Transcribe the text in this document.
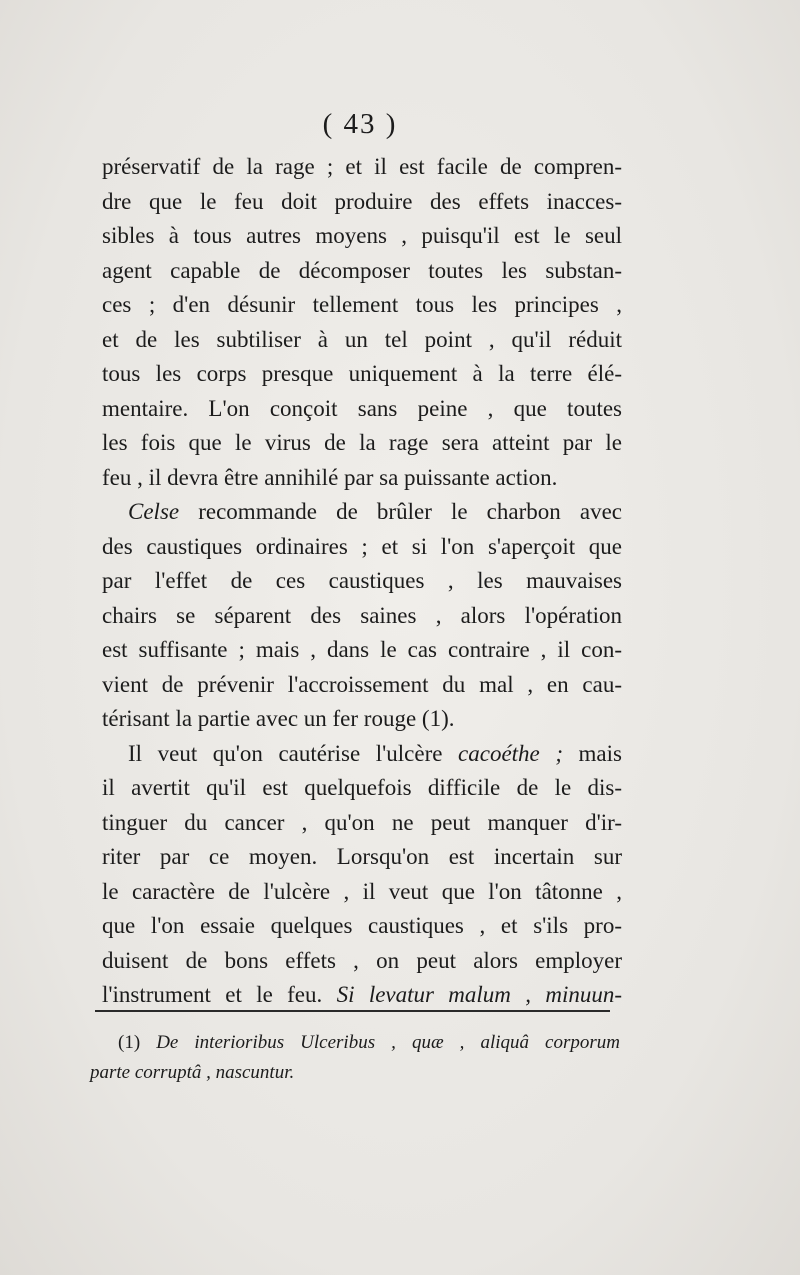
( 43 )
préservatif de la rage ; et il est facile de compren-
dre que le feu doit produire des effets inacces-
sibles à tous autres moyens , puisqu'il est le seul
agent capable de décomposer toutes les substan-
ces ; d'en désunir tellement tous les principes ,
et de les subtiliser à un tel point , qu'il réduit
tous les corps presque uniquement à la terre élé-
mentaire. L'on conçoit sans peine , que toutes
les fois que le virus de la rage sera atteint par le
feu , il devra être annihilé par sa puissante action.
Celse recommande de brûler le charbon avec
des caustiques ordinaires ; et si l'on s'aperçoit que
par l'effet de ces caustiques , les mauvaises
chairs se séparent des saines , alors l'opération
est suffisante ; mais , dans le cas contraire , il con-
vient de prévenir l'accroissement du mal , en cau-
térisant la partie avec un fer rouge (1).
Il veut qu'on cautérise l'ulcère cacoéthe ; mais
il avertit qu'il est quelquefois difficile de le dis-
tinguer du cancer , qu'on ne peut manquer d'ir-
riter par ce moyen. Lorsqu'on est incertain sur
le caractère de l'ulcère , il veut que l'on tâtonne ,
que l'on essaie quelques caustiques , et s'ils pro-
duisent de bons effets , on peut alors employer
l'instrument et le feu. Si levatur malum , minuun-
(1) De interioribus Ulceribus , quæ , aliquâ corporum
parte corruptâ , nascuntur.
